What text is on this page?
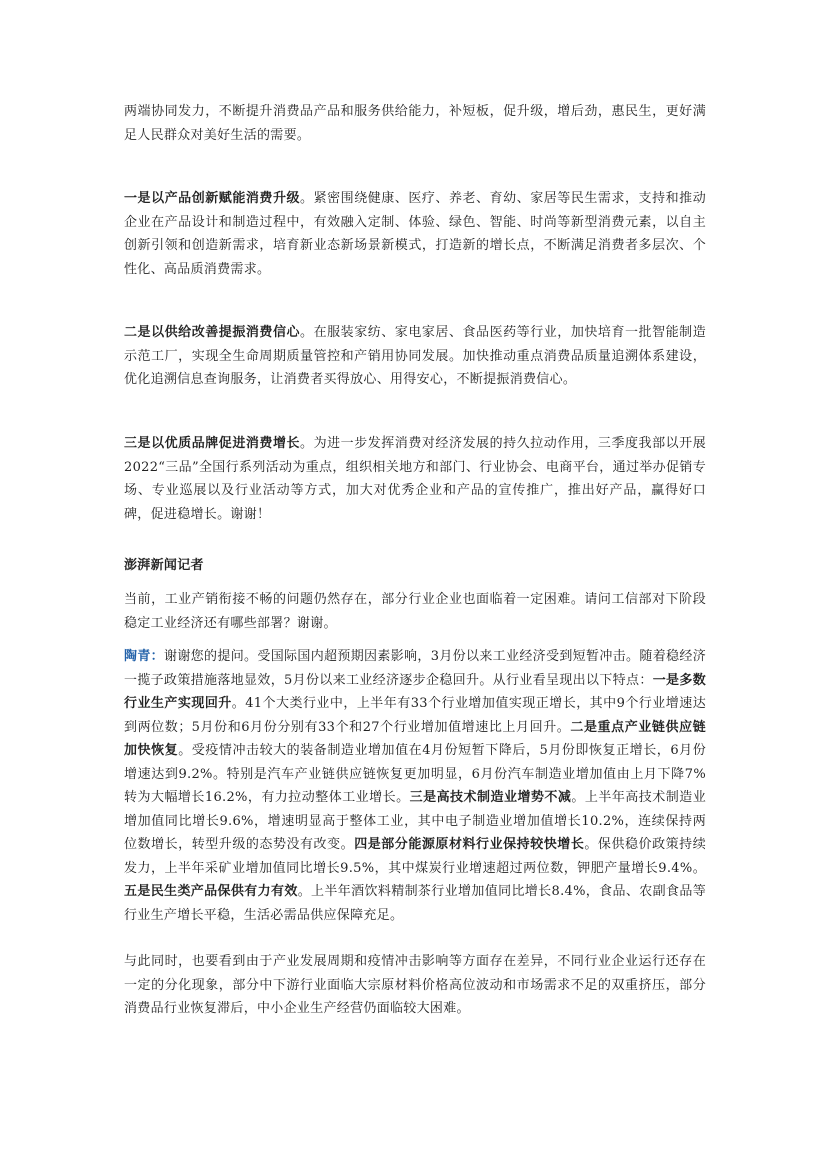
两端协同发力，不断提升消费品产品和服务供给能力，补短板，促升级，增后劲，惠民生，更好满足人民群众对美好生活的需要。

一是以产品创新赋能消费升级。紧密围绕健康、医疗、养老、育幼、家居等民生需求，支持和推动企业在产品设计和制造过程中，有效融入定制、体验、绿色、智能、时尚等新型消费元素，以自主创新引领和创造新需求，培育新业态新场景新模式，打造新的增长点，不断满足消费者多层次、个性化、高品质消费需求。

二是以供给改善提振消费信心。在服装家纺、家电家居、食品医药等行业，加快培育一批智能制造示范工厂，实现全生命周期质量管控和产销用协同发展。加快推动重点消费品质量追溯体系建设，优化追溯信息查询服务，让消费者买得放心、用得安心，不断提振消费信心。

三是以优质品牌促进消费增长。为进一步发挥消费对经济发展的持久拉动作用，三季度我部以开展2022“三品”全国行系列活动为重点，组织相关地方和部门、行业协会、电商平台，通过举办促销专场、专业巡展以及行业活动等方式，加大对优秀企业和产品的宣传推广，推出好产品，赢得好口碑，促进稳增长。谢谢！

澎湃新闻记者

当前，工业产销衔接不畅的问题仍然存在，部分行业企业也面临着一定困难。请问工信部对下阶段稳定工业经济还有哪些部署？谢谢。

陶青：谢谢您的提问。受国际国内超预期因素影响，3月份以来工业经济受到短暂冲击。随着稳经济一揽子政策措施落地显效，5月份以来工业经济逐步企稳回升。从行业看呈现出以下特点：一是多数行业生产实现回升。41个大类行业中，上半年有33个行业增加值实现正增长，其中9个行业增速达到两位数；5月份和6月份分别有33个和27个行业增加值增速比上月回升。二是重点产业链供应链加快恢复。受疫情冲击较大的装备制造业增加值在4月份短暂下降后，5月份即恢复正增长，6月份增速达到9.2%。特别是汽车产业链供应链恢复更加明显，6月份汽车制造业增加值由上月下降7%转为大幅增长16.2%，有力拉动整体工业增长。三是高技术制造业增势不减。上半年高技术制造业增加值同比增长9.6%，增速明显高于整体工业，其中电子制造业增加值增长10.2%，连续保持两位数增长，转型升级的态势没有改变。四是部分能源原材料行业保持较快增长。保供稳价政策持续发力，上半年采矿业增加值同比增长9.5%，其中煤炭行业增速超过两位数，钾肥产量增长9.4%。五是民生类产品保供有力有效。上半年酒饮料精制茶行业增加值同比增长8.4%，食品、农副食品等行业生产增长平稳，生活必需品供应保障充足。

与此同时，也要看到由于产业发展周期和疫情冲击影响等方面存在差异，不同行业企业运行还存在一定的分化现象，部分中下游行业面临大宗原材料价格高位波动和市场需求不足的双重挤压，部分消费品行业恢复滞后，中小企业生产经营仍面临较大困难。
